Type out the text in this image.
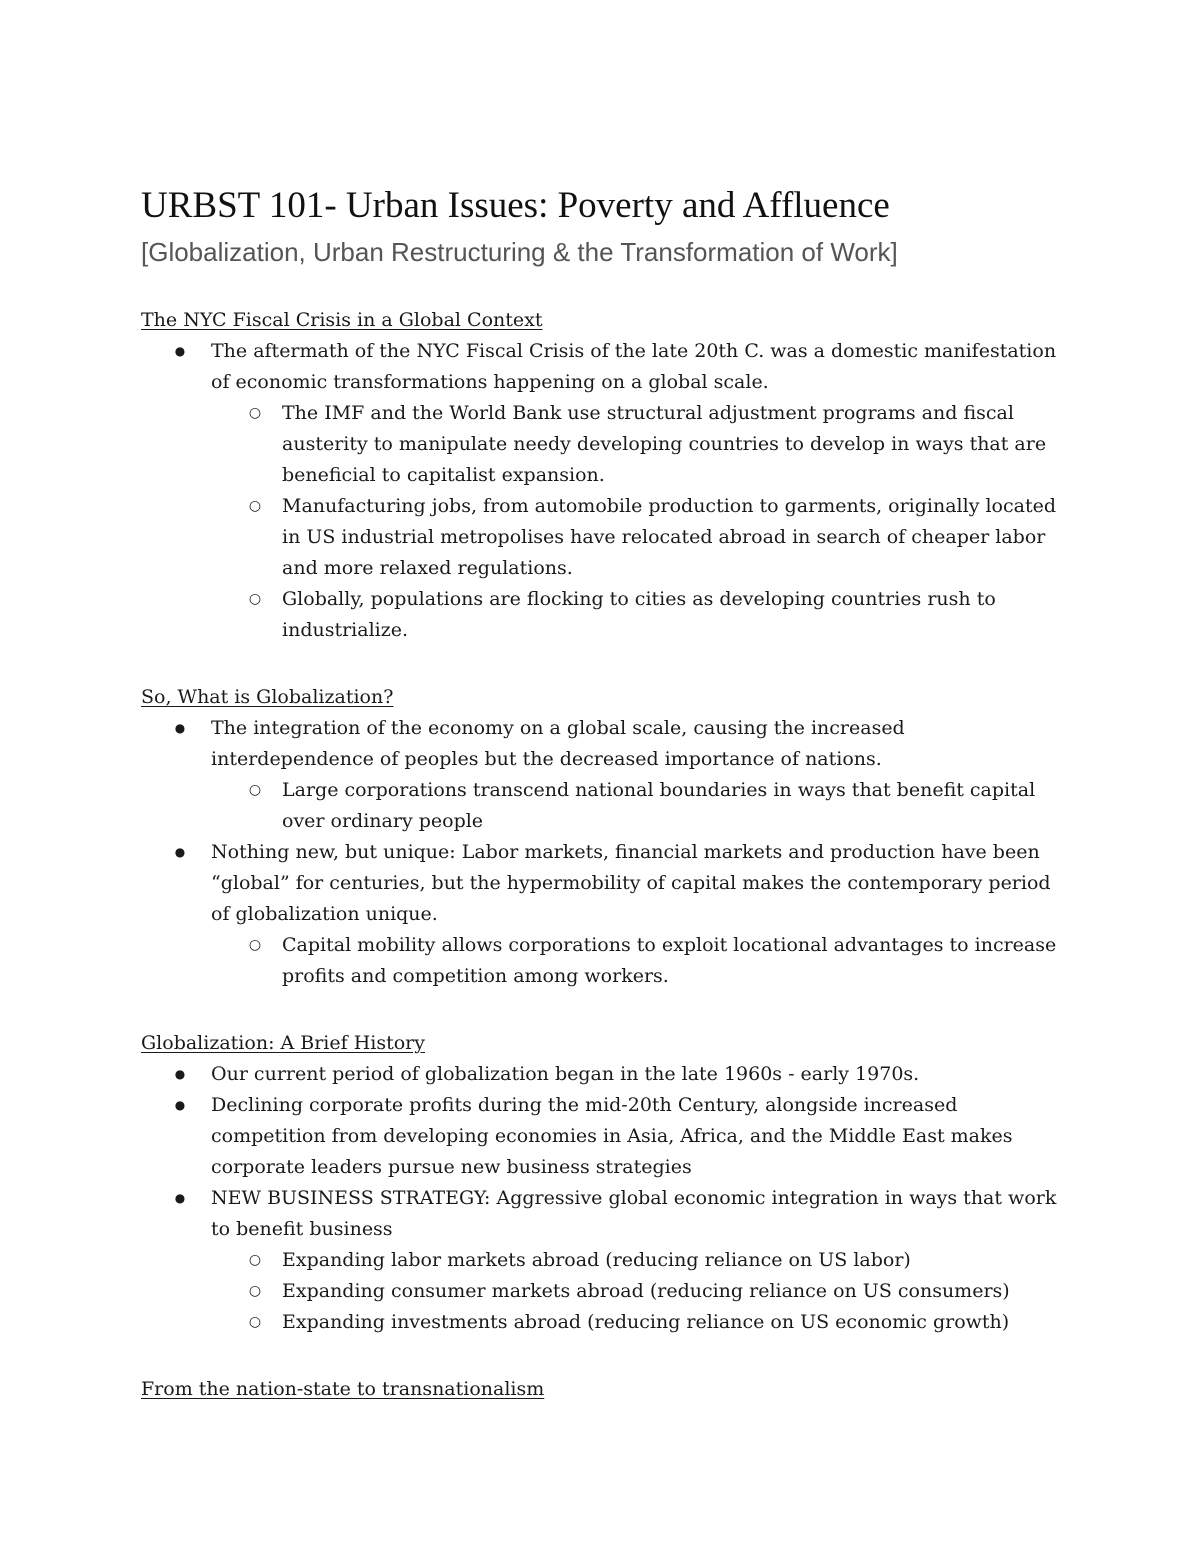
URBST 101- Urban Issues: Poverty and Affluence
[Globalization, Urban Restructuring & the Transformation of Work]
The NYC Fiscal Crisis in a Global Context
● The aftermath of the NYC Fiscal Crisis of the late 20th C. was a domestic manifestation of economic transformations happening on a global scale.
○ The IMF and the World Bank use structural adjustment programs and fiscal austerity to manipulate needy developing countries to develop in ways that are beneficial to capitalist expansion.
○ Manufacturing jobs, from automobile production to garments, originally located in US industrial metropolises have relocated abroad in search of cheaper labor and more relaxed regulations.
○ Globally, populations are flocking to cities as developing countries rush to industrialize.
So, What is Globalization?
● The integration of the economy on a global scale, causing the increased interdependence of peoples but the decreased importance of nations.
○ Large corporations transcend national boundaries in ways that benefit capital over ordinary people
● Nothing new, but unique: Labor markets, financial markets and production have been “global” for centuries, but the hypermobility of capital makes the contemporary period of globalization unique.
○ Capital mobility allows corporations to exploit locational advantages to increase profits and competition among workers.
Globalization: A Brief History
● Our current period of globalization began in the late 1960s - early 1970s.
● Declining corporate profits during the mid-20th Century, alongside increased competition from developing economies in Asia, Africa, and the Middle East makes corporate leaders pursue new business strategies
● NEW BUSINESS STRATEGY: Aggressive global economic integration in ways that work to benefit business
○ Expanding labor markets abroad (reducing reliance on US labor)
○ Expanding consumer markets abroad (reducing reliance on US consumers)
○ Expanding investments abroad (reducing reliance on US economic growth)
From the nation-state to transnationalism
